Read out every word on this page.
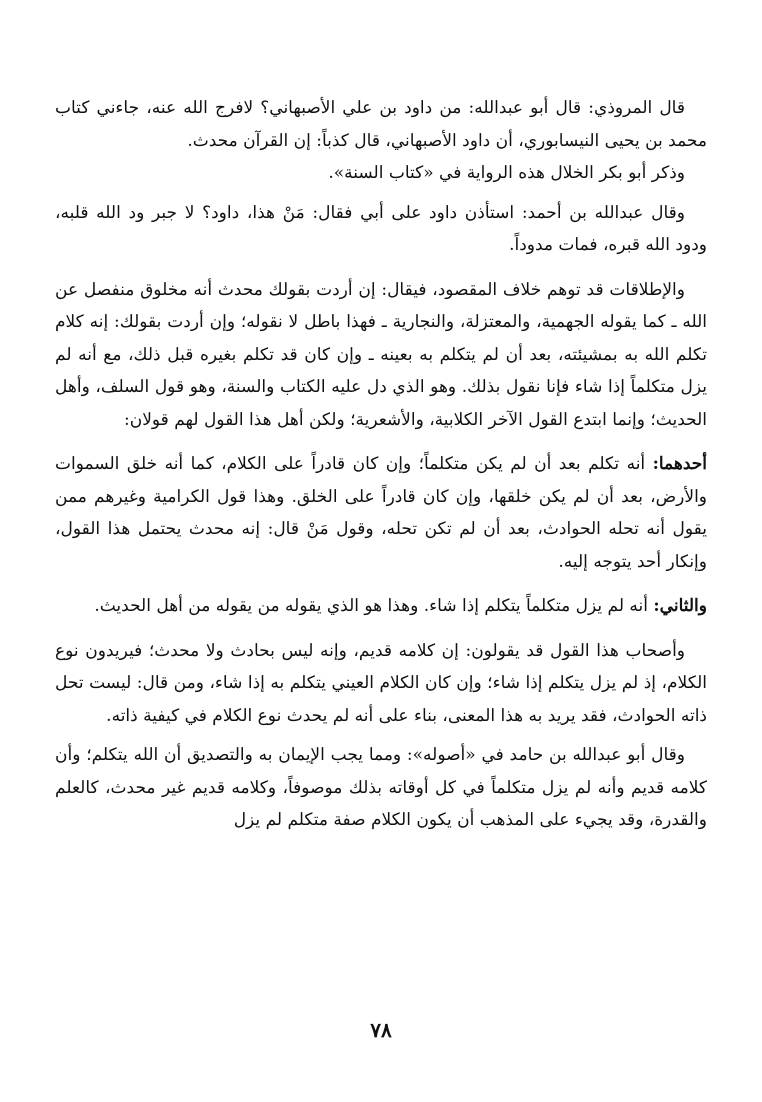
قال المروذي: قال أبو عبدالله: من داود بن علي الأصبهاني؟ لافرج الله عنه، جاءني كتاب محمد بن يحيى النيسابوري، أن داود الأصبهاني، قال كذباً: إن القرآن محدث.

وذكر أبو بكر الخلال هذه الرواية في «كتاب السنة».

وقال عبدالله بن أحمد: استأذن داود على أبي فقال: مَنْ هذا، داود؟ لا جبر ود الله قلبه، ودود الله قبره، فمات مدوداً.

والإطلاقات قد توهم خلاف المقصود، فيقال: إن أردت بقولك محدث أنه مخلوق منفصل عن الله ـ كما يقوله الجهمية، والمعتزلة، والنجارية ـ فهذا باطل لا نقوله؛ وإن أردت بقولك: إنه كلام تكلم الله به بمشيئته، بعد أن لم يتكلم به بعينه ـ وإن كان قد تكلم بغيره قبل ذلك، مع أنه لم يزل متكلماً إذا شاء فإنا نقول بذلك. وهو الذي دل عليه الكتاب والسنة، وهو قول السلف، وأهل الحديث؛ وإنما ابتدع القول الآخر الكلابية، والأشعرية؛ ولكن أهل هذا القول لهم قولان:

أحدهما: أنه تكلم بعد أن لم يكن متكلماً؛ وإن كان قادراً على الكلام، كما أنه خلق السموات والأرض، بعد أن لم يكن خلقها، وإن كان قادراً على الخلق. وهذا قول الكرامية وغيرهم ممن يقول أنه تحله الحوادث، بعد أن لم تكن تحله، وقول مَنْ قال: إنه محدث يحتمل هذا القول، وإنكار أحد يتوجه إليه.

والثاني: أنه لم يزل متكلماً يتكلم إذا شاء. وهذا هو الذي يقوله من يقوله من أهل الحديث.

وأصحاب هذا القول قد يقولون: إن كلامه قديم، وإنه ليس بحادث ولا محدث؛ فيريدون نوع الكلام، إذ لم يزل يتكلم إذا شاء؛ وإن كان الكلام العيني يتكلم به إذا شاء، ومن قال: ليست تحل ذاته الحوادث، فقد يريد به هذا المعنى، بناء على أنه لم يحدث نوع الكلام في كيفية ذاته.

وقال أبو عبدالله بن حامد في «أصوله»: ومما يجب الإيمان به والتصديق أن الله يتكلم؛ وأن كلامه قديم وأنه لم يزل متكلماً في كل أوقاته بذلك موصوفاً، وكلامه قديم غير محدث، كالعلم والقدرة، وقد يجيء على المذهب أن يكون الكلام صفة متكلم لم يزل

٧٨
